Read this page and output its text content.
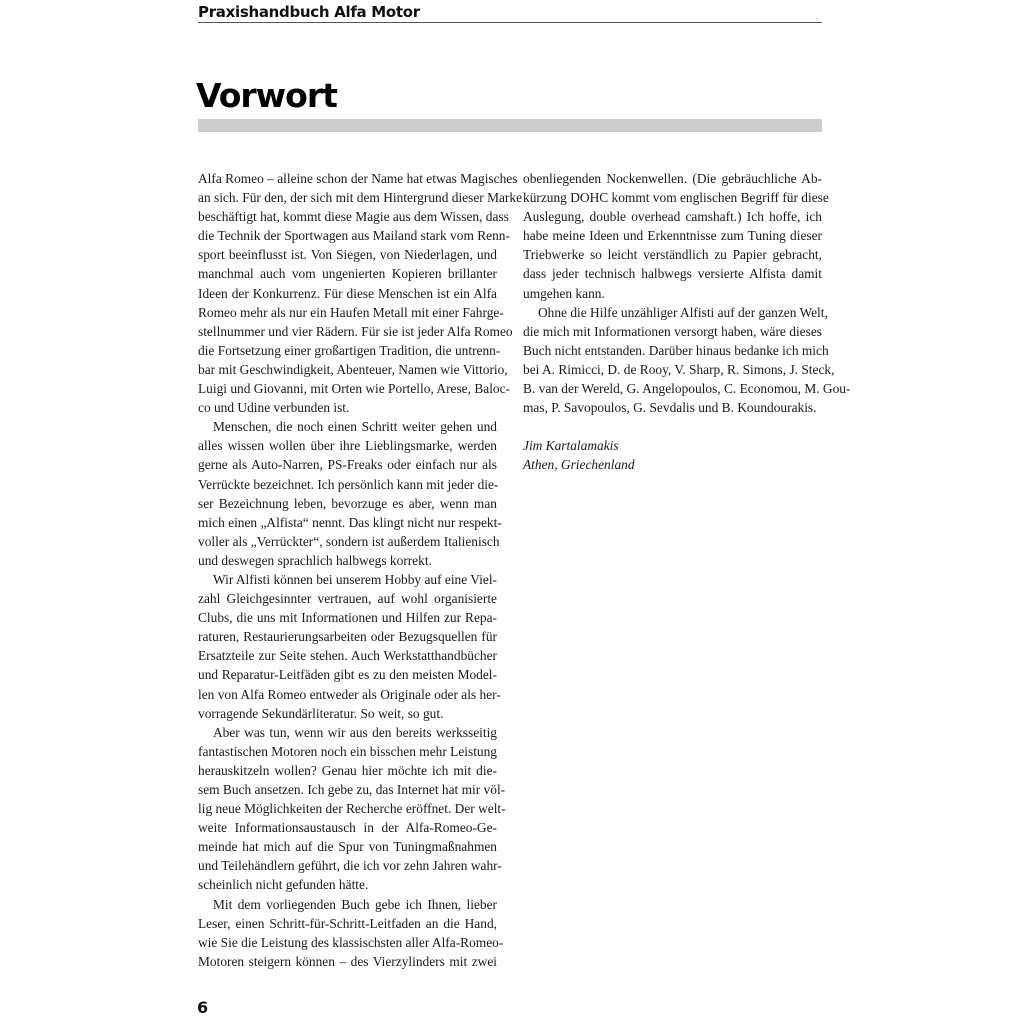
Praxishandbuch Alfa Motor
Vorwort
Alfa Romeo – alleine schon der Name hat etwas Magisches
an sich. Für den, der sich mit dem Hintergrund dieser Marke
beschäftigt hat, kommt diese Magie aus dem Wissen, dass
die Technik der Sportwagen aus Mailand stark vom Renn-
sport beeinflusst ist. Von Siegen, von Niederlagen, und
manchmal auch vom ungenierten Kopieren brillanter
Ideen der Konkurrenz. Für diese Menschen ist ein Alfa
Romeo mehr als nur ein Haufen Metall mit einer Fahrge-
stellnummer und vier Rädern. Für sie ist jeder Alfa Romeo
die Fortsetzung einer großartigen Tradition, die untrenn-
bar mit Geschwindigkeit, Abenteuer, Namen wie Vittorio,
Luigi und Giovanni, mit Orten wie Portello, Arese, Baloc-
co und Udine verbunden ist.
Menschen, die noch einen Schritt weiter gehen und
alles wissen wollen über ihre Lieblingsmarke, werden
gerne als Auto-Narren, PS-Freaks oder einfach nur als
Verrückte bezeichnet. Ich persönlich kann mit jeder die-
ser Bezeichnung leben, bevorzuge es aber, wenn man
mich einen „Alfista“ nennt. Das klingt nicht nur respekt-
voller als „Verrückter“, sondern ist außerdem Italienisch
und deswegen sprachlich halbwegs korrekt.
Wir Alfisti können bei unserem Hobby auf eine Viel-
zahl Gleichgesinnter vertrauen, auf wohl organisierte
Clubs, die uns mit Informationen und Hilfen zur Repa-
raturen, Restaurierungsarbeiten oder Bezugsquellen für
Ersatzteile zur Seite stehen. Auch Werkstatthandbücher
und Reparatur-Leitfäden gibt es zu den meisten Model-
len von Alfa Romeo entweder als Originale oder als her-
vorragende Sekundärliteratur. So weit, so gut.
Aber was tun, wenn wir aus den bereits werksseitig
fantastischen Motoren noch ein bisschen mehr Leistung
herauskitzeln wollen? Genau hier möchte ich mit die-
sem Buch ansetzen. Ich gebe zu, das Internet hat mir völ-
lig neue Möglichkeiten der Recherche eröffnet. Der welt-
weite Informationsaustausch in der Alfa-Romeo-Ge-
meinde hat mich auf die Spur von Tuningmaßnahmen
und Teilehändlern geführt, die ich vor zehn Jahren wahr-
scheinlich nicht gefunden hätte.
Mit dem vorliegenden Buch gebe ich Ihnen, lieber
Leser, einen Schritt-für-Schritt-Leitfaden an die Hand,
wie Sie die Leistung des klassischsten aller Alfa-Romeo-
Motoren steigern können – des Vierzylinders mit zwei
obenliegenden Nockenwellen. (Die gebräuchliche Ab-
kürzung DOHC kommt vom englischen Begriff für diese
Auslegung, double overhead camshaft.) Ich hoffe, ich
habe meine Ideen und Erkenntnisse zum Tuning dieser
Triebwerke so leicht verständlich zu Papier gebracht,
dass jeder technisch halbwegs versierte Alfista damit
umgehen kann.
Ohne die Hilfe unzähliger Alfisti auf der ganzen Welt,
die mich mit Informationen versorgt haben, wäre dieses
Buch nicht entstanden. Darüber hinaus bedanke ich mich
bei A. Rimicci, D. de Rooy, V. Sharp, R. Simons, J. Steck,
B. van der Wereld, G. Angelopoulos, C. Economou, M. Gou-
mas, P. Savopoulos, G. Sevdalis und B. Koundourakis.
Jim Kartalamakis
Athen, Griechenland
6
